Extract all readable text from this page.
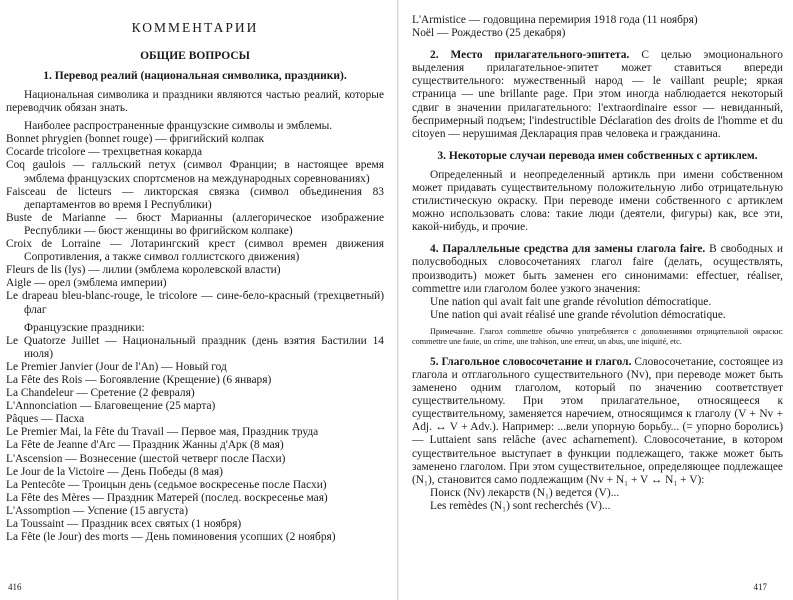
КОММЕНТАРИИ
ОБЩИЕ ВОПРОСЫ
1. Перевод реалий (национальная символика, праздники).

Национальная символика и праздники являются частью реалий, которые переводчик обязан знать.

Наиболее распространенные французские символы и эмблемы.

Bonnet phrygien (bonnet rouge) — фригийский колпак
Cocarde tricolore — трехцветная кокарда
Coq gaulois — галльский петух (символ Франции; в настоящее время эмблема французских спортсменов на международных соревнованиях)
Faisceau de licteurs — ликторская связка (символ объединения 83 департаментов во время I Республики)
Buste de Marianne — бюст Марианны (аллегорическое изображение Республики — бюст женщины во фригийском колпаке)
Croix de Lorraine — Лотарингский крест (символ времен движения Сопротивления, а также символ голлистского движения)
Fleurs de lis (lys) — лилии (эмблема королевской власти)
Aigle — орел (эмблема империи)
Le drapeau bleu-blanc-rouge, le tricolore — сине-бело-красный (трехцветный) флаг

Французские праздники:

Le Quatorze Juillet — Национальный праздник (день взятия Бастилии 14 июля)
Le Premier Janvier (Jour de l'An) — Новый год
La Fête des Rois — Богоявление (Крещение) (6 января)
La Chandeleur — Сретение (2 февраля)
L'Annonciation — Благовещение (25 марта)
Pâques — Пасха
Le Premier Mai, la Fête du Travail — Первое мая, Праздник труда
La Fête de Jeanne d'Arc — Праздник Жанны д'Арк (8 мая)
L'Ascension — Вознесение (шестой четверг после Пасхи)
Le Jour de la Victoire — День Победы (8 мая)
La Pentecôte — Троицын день (седьмое воскресенье после Пасхи)
La Fête des Mères — Праздник Матерей (послед. воскресенье мая)
L'Assomption — Успение (15 августа)
La Toussaint — Праздник всех святых (1 ноября)
La Fête (le Jour) des morts — День поминовения усопших (2 ноября)
416
L'Armistice — годовщина перемирия 1918 года (11 ноября)
Noël — Рождество (25 декабря)

2. Место прилагательного-эпитета. С целью эмоционального выделения прилагательное-эпитет может ставиться впереди существительного: мужественный народ — le vaillant peuple; яркая страница — une brillante page. При этом иногда наблюдается некоторый сдвиг в значении прилагательного: l'extraordinaire essor — невиданный, беспримерный подъем; l'indestructible Déclaration des droits de l'homme et du citoyen — нерушимая Декларация прав человека и гражданина.

3. Некоторые случаи перевода имен собственных с артиклем.

Определенный и неопределенный артикль при имени собственном может придавать существительному положительную либо отрицательную стилистическую окраску. При переводе имени собственного с артиклем можно использовать слова: такие люди (деятели, фигуры) как, все эти, какой-нибудь, и прочие.

4. Параллельные средства для замены глагола faire. В свободных и полусвободных словосочетаниях глагол faire (делать, осуществлять, производить) может быть заменен его синонимами: effectuer, réaliser, commettre или глаголом более узкого значения:

Une nation qui avait fait une grande révolution démocratique.

Une nation qui avait réalisé une grande révolution démocratique.

Примечание. Глагол commettre обычно употребляется с дополнениями отрицательной окраски: commettre une faute, un crime, une trahison, une erreur, un abus, une iniquité, etc.

5. Глагольное словосочетание и глагол. Словосочетание, состоящее из глагола и отглагольного существительного (Nv), при переводе может быть заменено одним глаголом, который по значению соответствует существительному. При этом прилагательное, относящееся к существительному, заменяется наречием, относящимся к глаголу (V + Nv + Adj. ↔ V + Adv.). Например: ...вели упорную борьбу... (= упорно боролись) — Luttaient sans relâche (avec acharnement). Словосочетание, в котором существительное выступает в функции подлежащего, также может быть заменено глаголом. При этом существительное, определяющее подлежащее (N₁), становится само подлежащим (Nv + N₁ + V ↔ N₁ + V):

Поиск (Nv) лекарств (N₁) ведется (V)...

Les remèdes (N₁) sont recherchés (V)...

417
